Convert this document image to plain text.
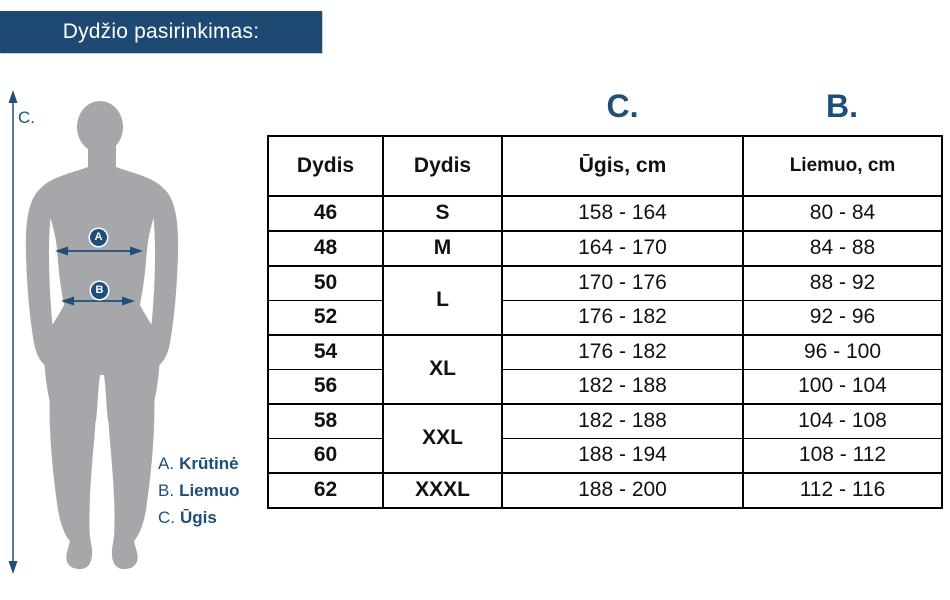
Dydžio pasirinkimas:
C.
A
B
A. Krūtinė
B. Liemuo
C. Ūgis
C.	B.
Dydis	Dydis	Ūgis, cm	Liemuo, cm
46	S	158 - 164	80 - 84
48	M	164 - 170	84 - 88
50	L	170 - 176	88 - 92
52		176 - 182	92 - 96
54	XL	176 - 182	96 - 100
56		182 - 188	100 - 104
58	XXL	182 - 188	104 - 108
60		188 - 194	108 - 112
62	XXXL	188 - 200	112 - 116
